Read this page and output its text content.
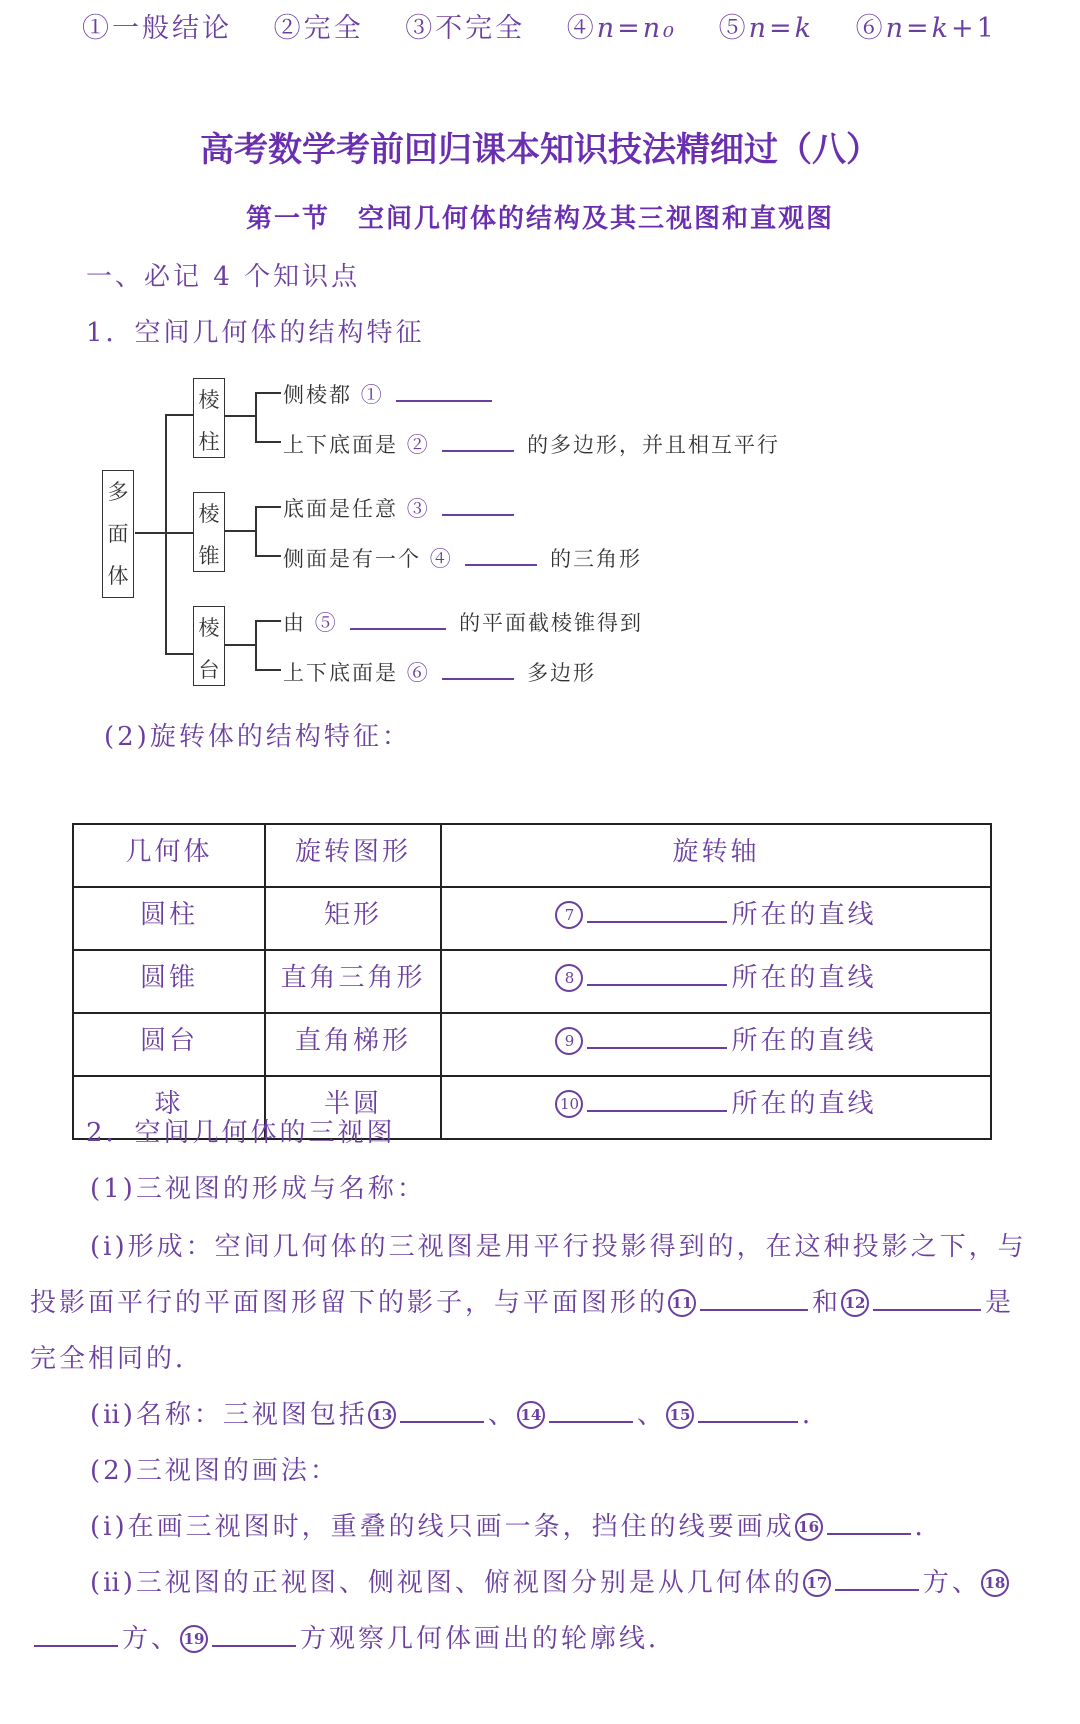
①一般结论　 ②完全　 ③不完全　 ④n=n₀　 ⑤n=k　 ⑥n=k+1
高考数学考前回归课本知识技法精细过（八）
第一节　空间几何体的结构及其三视图和直观图
一、必记 4 个知识点
1．空间几何体的结构特征
多
面
体
棱
柱
侧棱都 ①
上下底面是 ②	的多边形，并且相互平行
棱
锥
底面是任意 ③
侧面是有一个 ④	的三角形
棱
台
由 ⑤	的平面截棱锥得到
上下底面是 ⑥	多边形
(2)旋转体的结构特征：
几何体	旋转图形	旋转轴
圆柱	矩形	7 所在的直线
圆锥	直角三角形	8 所在的直线
圆台	直角梯形	9 所在的直线
球	半圆	10 所在的直线
2．空间几何体的三视图
(1)三视图的形成与名称：
(ⅰ)形成：空间几何体的三视图是用平行投影得到的，在这种投影之下，与
投影面平行的平面图形留下的影子，与平面图形的 11	和 12	是
完全相同的．
(ⅱ)名称：三视图包括 13	、 14	、 15	．
(2)三视图的画法：
(ⅰ)在画三视图时，重叠的线只画一条，挡住的线要画成 16	．
(ⅱ)三视图的正视图、侧视图、俯视图分别是从几何体的 17	方、 18
方、 19	方观察几何体画出的轮廓线．
